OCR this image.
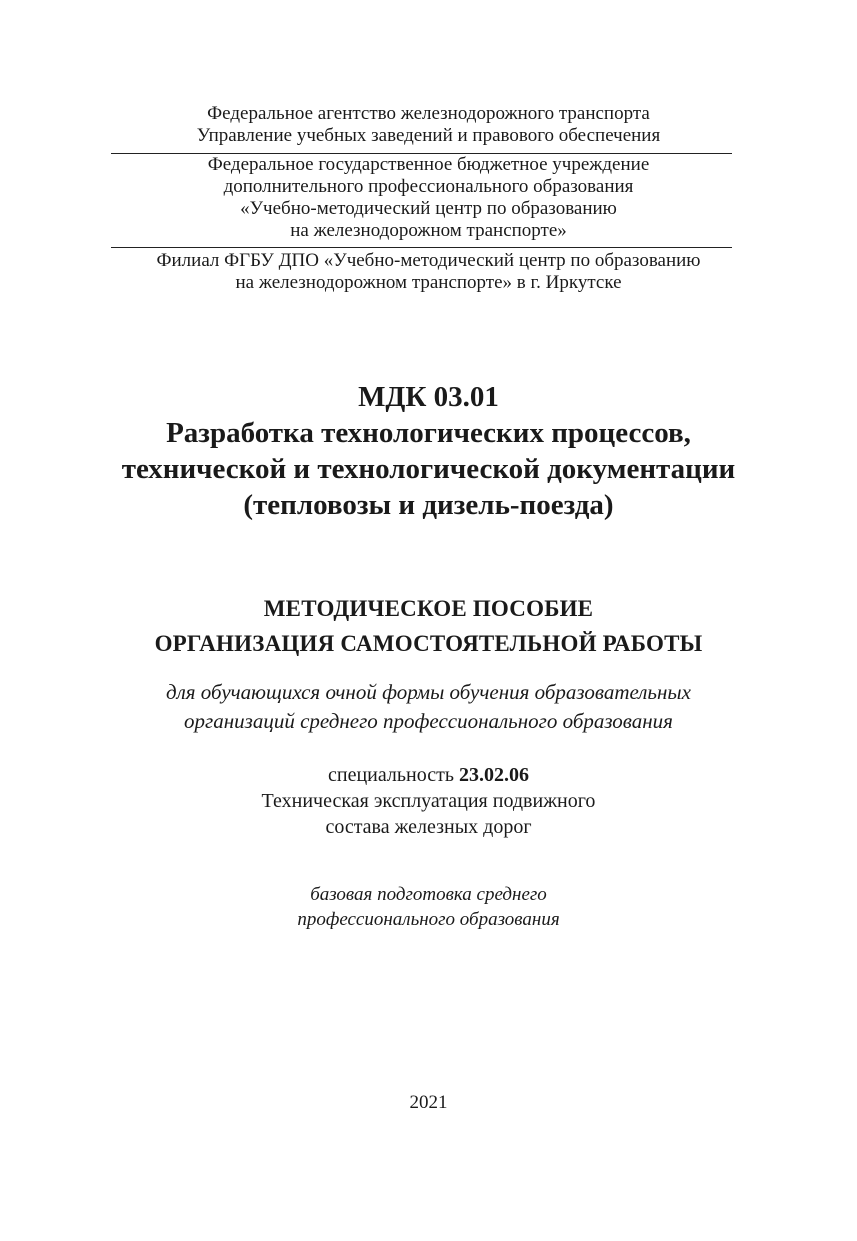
Федеральное агентство железнодорожного транспорта
Управление учебных заведений и правового обеспечения
Федеральное государственное бюджетное учреждение
дополнительного профессионального образования
«Учебно-методический центр по образованию
на железнодорожном транспорте»
Филиал ФГБУ ДПО «Учебно-методический центр по образованию
на железнодорожном транспорте» в г. Иркутске
МДК 03.01
Разработка технологических процессов,
технической и технологической документации
(тепловозы и дизель-поезда)
МЕТОДИЧЕСКОЕ ПОСОБИЕ
ОРГАНИЗАЦИЯ САМОСТОЯТЕЛЬНОЙ РАБОТЫ
для обучающихся очной формы обучения образовательных
организаций среднего профессионального образования
специальность 23.02.06
Техническая эксплуатация подвижного
состава железных дорог
базовая подготовка среднего
профессионального образования
2021
